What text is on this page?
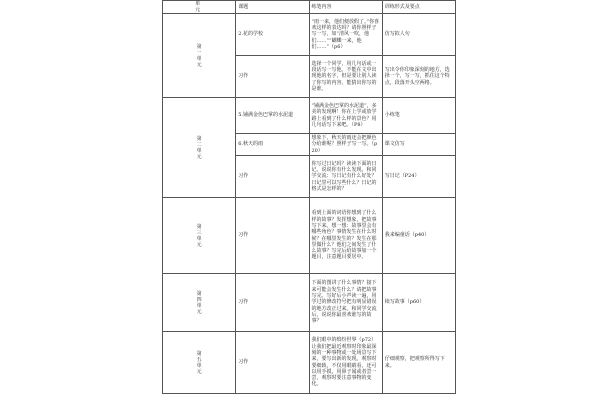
单元	课题	练笔内容	训练形式及要点

第一单元	2.花的学校	“雨一来，他们便放假了。”你喜欢这样的表达吗？请你照样子写一写，如“清风一吹，他们……”“蝴蝶一来，他们……”（p6）	仿写拟人句
	习作	选择一个同学，用几句话或一段话写一写他。不能在文中出现他的名字，但是要让别人读了你写的内容，能猜出你写的是谁。	写出令你印象深刻的地方，选择一个，写一写，抓住这个特点，段落开头空两格。

第二单元	5.铺满金色巴掌的水泥道	“铺满金色巴掌的水泥道”，多美的发现啊！你在上学或放学路上看到了什么样的景色？用几句话写下来吧。（P8）	小练笔
	6.秋天的雨	想象下，秋天的雨还会把颜色分给谁呢？照样子写一写。（p20）	课文仿写
	习作	你写过日记吗？读读下面的日记，说说你有什么发现。和同学交流：写日记有什么好处？日记里可以写些什么？日记的格式是怎样的？	写日记（P24）

第三单元	习作	看到上面的词语你想到了什么样的故事？发挥想象，把故事写下来。想一想：故事里会有哪些角色？事情发生在什么时候？在哪里发生的？发生在那里做什么？他们之间发生了什么故事？写完后给故事加一个题目，注意题目要居中。	我来编童话（p40）

第四单元	习作	下面的图讲了什么事情？接下来可能会发生什么？请把故事写完。写好后小声读一遍，用学过的修改符号把有明显错误的地方改正过来。和同学交流后，说说你最喜欢谁写的故事？	续写故事（p60）

第五单元	习作	我们眼中的缤纷世界（p72）让我们把最近观察时印象最深刻的一种事物或一处场景写下来，要写出新的发现。观察时要细致，不仅用眼睛看，还可以用手摸，用鼻子闻或者尝一尝，观察时要注意事物的变化。	仔细观察，把观察所得写下来。
